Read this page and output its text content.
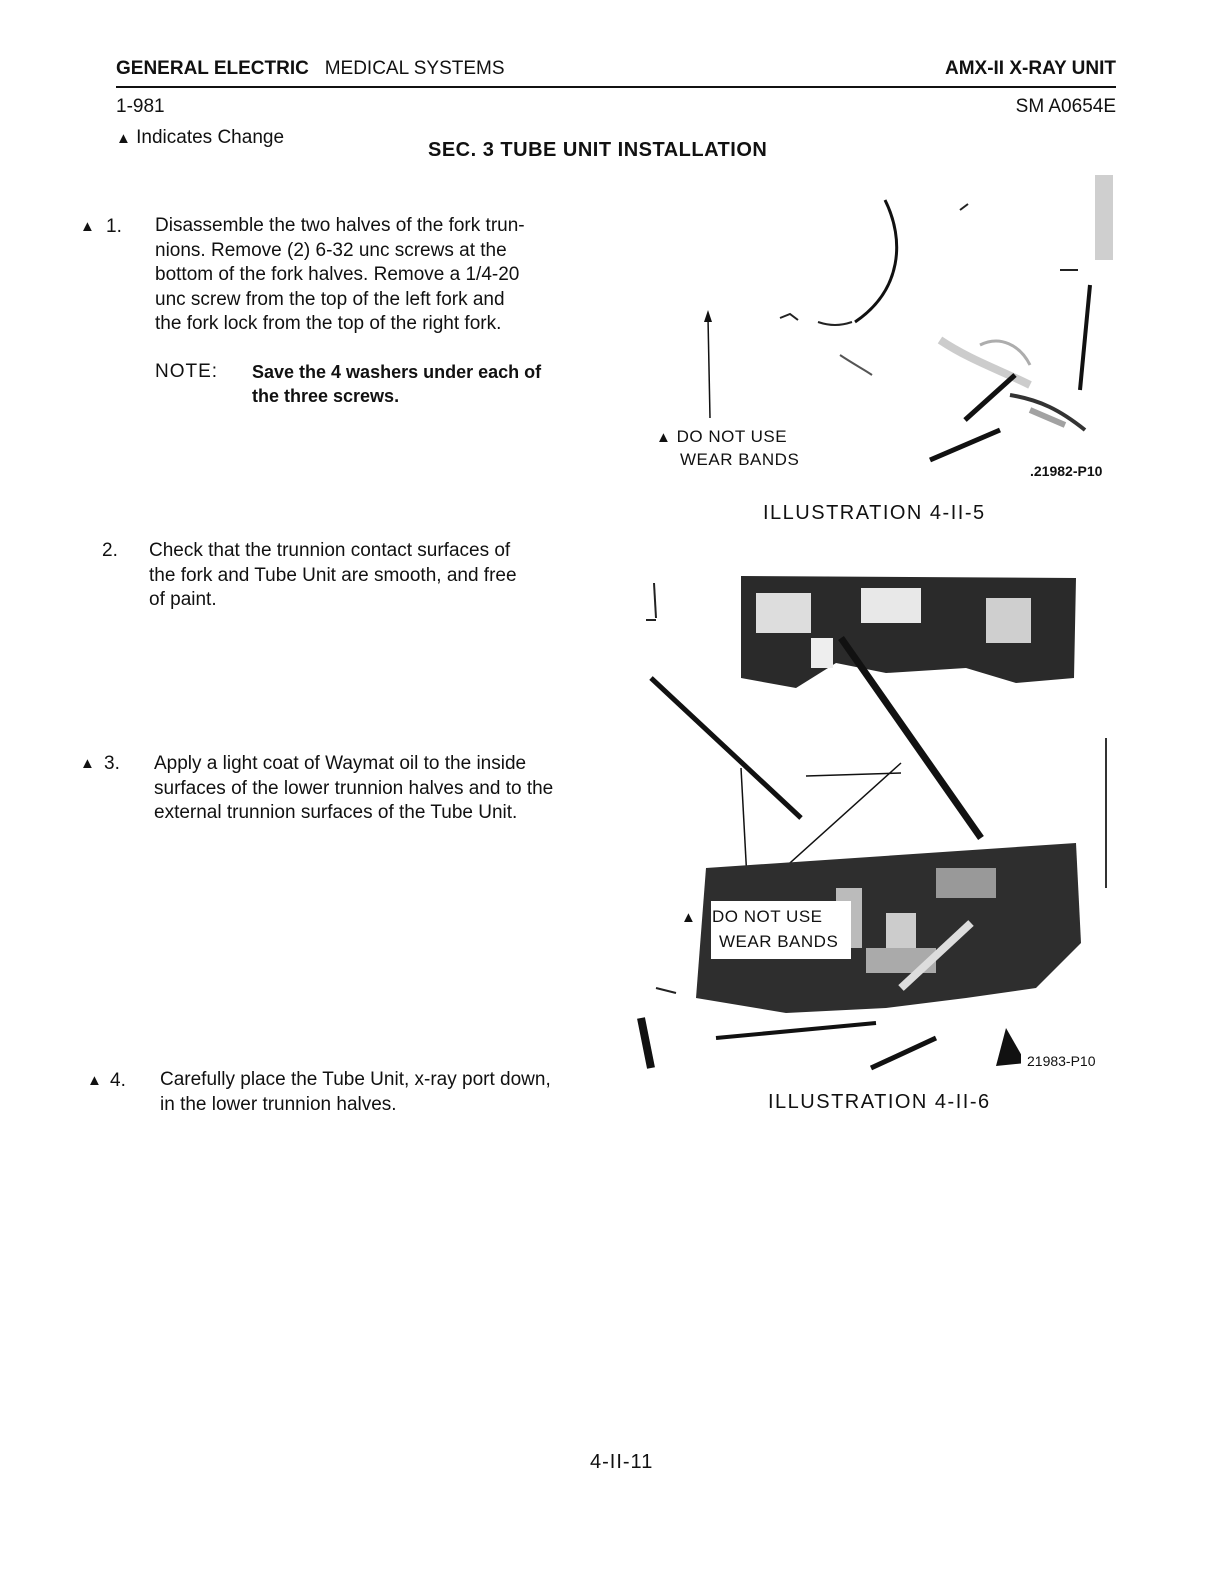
GENERAL ELECTRIC MEDICAL SYSTEMS	AMX-II X-RAY UNIT
1-981	SM A0654E
▲ Indicates Change
SEC. 3 TUBE UNIT INSTALLATION
▲ 1. Disassemble the two halves of the fork trun-
nions. Remove (2) 6-32 unc screws at the
bottom of the fork halves. Remove a 1/4-20
unc screw from the top of the left fork and
the fork lock from the top of the right fork.
NOTE: Save the 4 washers under each of
the three screws.
2. Check that the trunnion contact surfaces of
the fork and Tube Unit are smooth, and free
of paint.
▲ 3. Apply a light coat of Waymat oil to the inside
surfaces of the lower trunnion halves and to the
external trunnion surfaces of the Tube Unit.
▲ 4. Carefully place the Tube Unit, x-ray port down,
in the lower trunnion halves.
▲ DO NOT USE
WEAR BANDS
.21982-P10
ILLUSTRATION 4-II-5
▲ DO NOT USE
WEAR BANDS
21983-P10
ILLUSTRATION 4-II-6
4-II-11
